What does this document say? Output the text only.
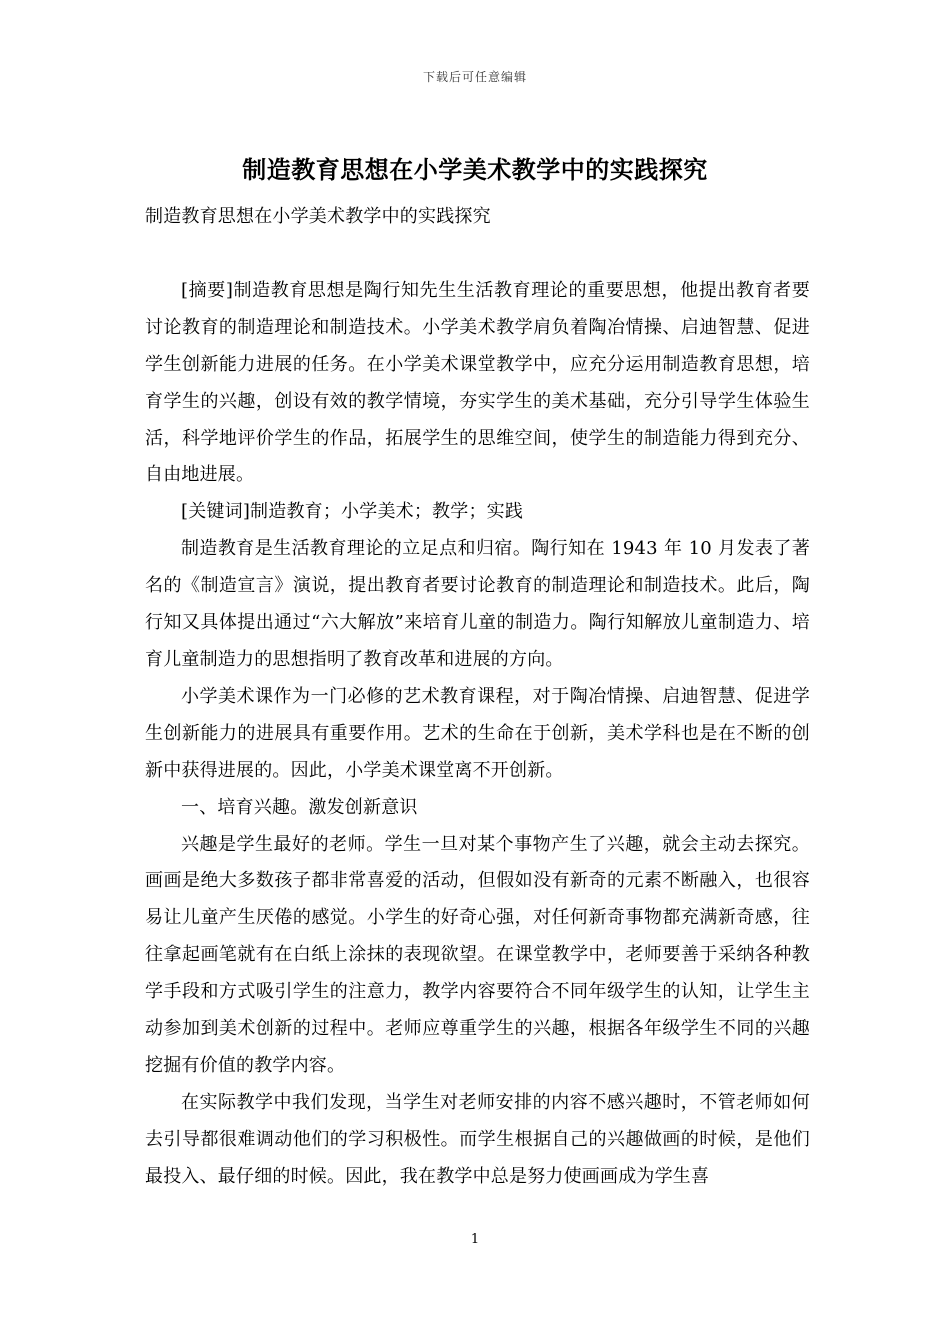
下载后可任意编辑
制造教育思想在小学美术教学中的实践探究

制造教育思想在小学美术教学中的实践探究

[摘要]制造教育思想是陶行知先生生活教育理论的重要思想，他提出教育者要讨论教育的制造理论和制造技术。小学美术教学肩负着陶冶情操、启迪智慧、促进学生创新能力进展的任务。在小学美术课堂教学中，应充分运用制造教育思想，培育学生的兴趣，创设有效的教学情境，夯实学生的美术基础，充分引导学生体验生活，科学地评价学生的作品，拓展学生的思维空间，使学生的制造能力得到充分、自由地进展。

[关键词]制造教育；小学美术；教学；实践

制造教育是生活教育理论的立足点和归宿。陶行知在 1943 年 10 月发表了著名的《制造宣言》演说，提出教育者要讨论教育的制造理论和制造技术。此后，陶行知又具体提出通过“六大解放”来培育儿童的制造力。陶行知解放儿童制造力、培育儿童制造力的思想指明了教育改革和进展的方向。

小学美术课作为一门必修的艺术教育课程，对于陶冶情操、启迪智慧、促进学生创新能力的进展具有重要作用。艺术的生命在于创新，美术学科也是在不断的创新中获得进展的。因此，小学美术课堂离不开创新。

一、培育兴趣。激发创新意识

兴趣是学生最好的老师。学生一旦对某个事物产生了兴趣，就会主动去探究。画画是绝大多数孩子都非常喜爱的活动，但假如没有新奇的元素不断融入，也很容易让儿童产生厌倦的感觉。小学生的好奇心强，对任何新奇事物都充满新奇感，往往拿起画笔就有在白纸上涂抹的表现欲望。在课堂教学中，老师要善于采纳各种教学手段和方式吸引学生的注意力，教学内容要符合不同年级学生的认知，让学生主动参加到美术创新的过程中。老师应尊重学生的兴趣，根据各年级学生不同的兴趣挖掘有价值的教学内容。

在实际教学中我们发现，当学生对老师安排的内容不感兴趣时，不管老师如何去引导都很难调动他们的学习积极性。而学生根据自己的兴趣做画的时候，是他们最投入、最仔细的时候。因此，我在教学中总是努力使画画成为学生喜

1
